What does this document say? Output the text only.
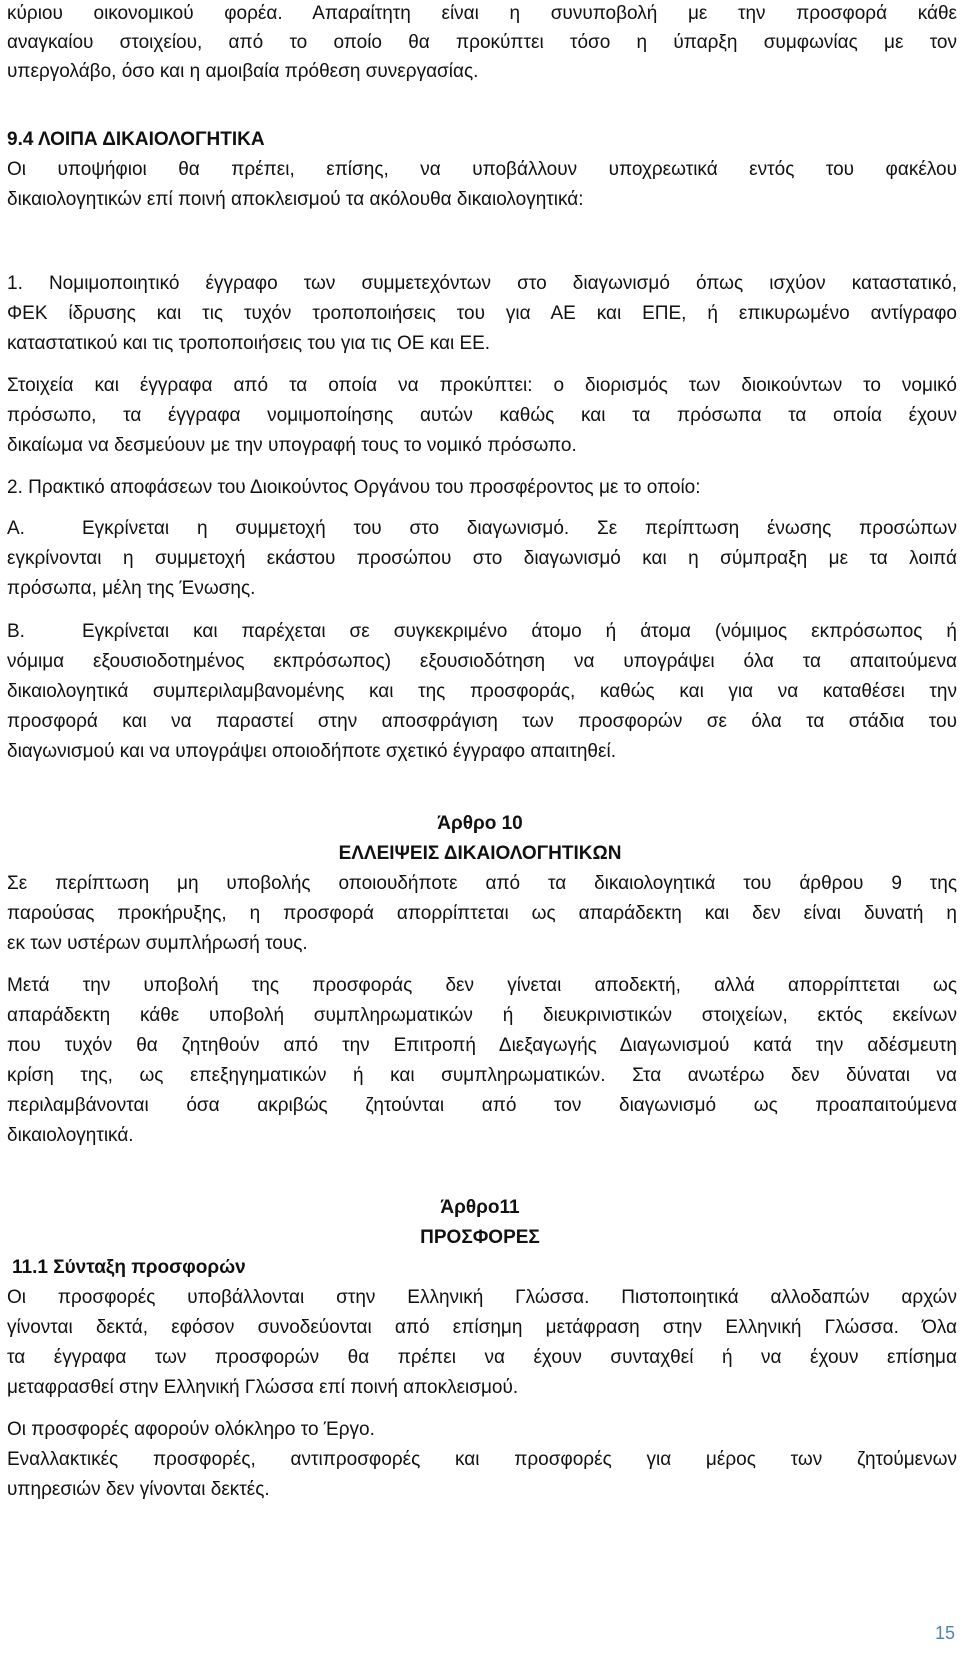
κύριου οικονομικού φορέα. Απαραίτητη είναι η συνυποβολή με την προσφορά κάθε
αναγκαίου στοιχείου, από το οποίο θα προκύπτει τόσο η ύπαρξη συμφωνίας με τον
υπεργολάβο, όσο και η αμοιβαία πρόθεση συνεργασίας.
9.4 ΛΟΙΠΑ ΔΙΚΑΙΟΛΟΓΗΤΙΚΑ
Οι υποψήφιοι θα πρέπει, επίσης, να υποβάλλουν υποχρεωτικά εντός του φακέλου
δικαιολογητικών επί ποινή αποκλεισμού τα ακόλουθα δικαιολογητικά:
1. Νομιμοποιητικό έγγραφο των συμμετεχόντων στο διαγωνισμό όπως ισχύον καταστατικό,
ΦΕΚ ίδρυσης και τις τυχόν τροποποιήσεις του για ΑΕ και ΕΠΕ, ή επικυρωμένο αντίγραφο
καταστατικού και τις τροποποιήσεις του για τις ΟΕ και ΕΕ.
Στοιχεία και έγγραφα από τα οποία να προκύπτει: ο διορισμός των διοικούντων το νομικό
πρόσωπο, τα έγγραφα νομιμοποίησης αυτών καθώς και τα πρόσωπα τα οποία έχουν
δικαίωμα να δεσμεύουν με την υπογραφή τους το νομικό πρόσωπο.
2. Πρακτικό αποφάσεων του Διοικούντος Οργάνου του προσφέροντος με το οποίο:
Α.	Εγκρίνεται η συμμετοχή του στο διαγωνισμό. Σε περίπτωση ένωσης προσώπων
εγκρίνονται η συμμετοχή εκάστου προσώπου στο διαγωνισμό και η σύμπραξη με τα λοιπά
πρόσωπα, μέλη της Ένωσης.
Β.	Εγκρίνεται και παρέχεται σε συγκεκριμένο άτομο ή άτομα (νόμιμος εκπρόσωπος ή
νόμιμα εξουσιοδοτημένος εκπρόσωπος) εξουσιοδότηση να υπογράψει όλα τα απαιτούμενα
δικαιολογητικά συμπεριλαμβανομένης και της προσφοράς, καθώς και για να καταθέσει την
προσφορά και να παραστεί στην αποσφράγιση των προσφορών σε όλα τα στάδια του
διαγωνισμού και να υπογράψει οποιοδήποτε σχετικό έγγραφο απαιτηθεί.
Άρθρο 10
ΕΛΛΕΙΨΕΙΣ ΔΙΚΑΙΟΛΟΓΗΤΙΚΩΝ
Σε περίπτωση μη υποβολής οποιουδήποτε από τα δικαιολογητικά του άρθρου 9 της
παρούσας προκήρυξης, η προσφορά απορρίπτεται ως απαράδεκτη και δεν είναι δυνατή η
εκ των υστέρων συμπλήρωσή τους.
Μετά την υποβολή της προσφοράς δεν γίνεται αποδεκτή, αλλά απορρίπτεται ως
απαράδεκτη κάθε υποβολή συμπληρωματικών ή διευκρινιστικών στοιχείων, εκτός εκείνων
που τυχόν θα ζητηθούν από την Επιτροπή Διεξαγωγής Διαγωνισμού κατά την αδέσμευτη
κρίση της, ως επεξηγηματικών ή και συμπληρωματικών. Στα ανωτέρω δεν δύναται να
περιλαμβάνονται όσα ακριβώς ζητούνται από τον διαγωνισμό ως προαπαιτούμενα
δικαιολογητικά.
Άρθρο11
ΠΡΟΣΦΟΡΕΣ
11.1 Σύνταξη προσφορών
Οι προσφορές υποβάλλονται στην Ελληνική Γλώσσα. Πιστοποιητικά αλλοδαπών αρχών
γίνονται δεκτά, εφόσον συνοδεύονται από επίσημη μετάφραση στην Ελληνική Γλώσσα. Όλα
τα έγγραφα των προσφορών θα πρέπει να έχουν συνταχθεί ή να έχουν επίσημα
μεταφρασθεί στην Ελληνική Γλώσσα επί ποινή αποκλεισμού.
Οι προσφορές αφορούν ολόκληρο το Έργο.
Εναλλακτικές προσφορές, αντιπροσφορές και προσφορές για μέρος των ζητούμενων
υπηρεσιών δεν γίνονται δεκτές.
15
